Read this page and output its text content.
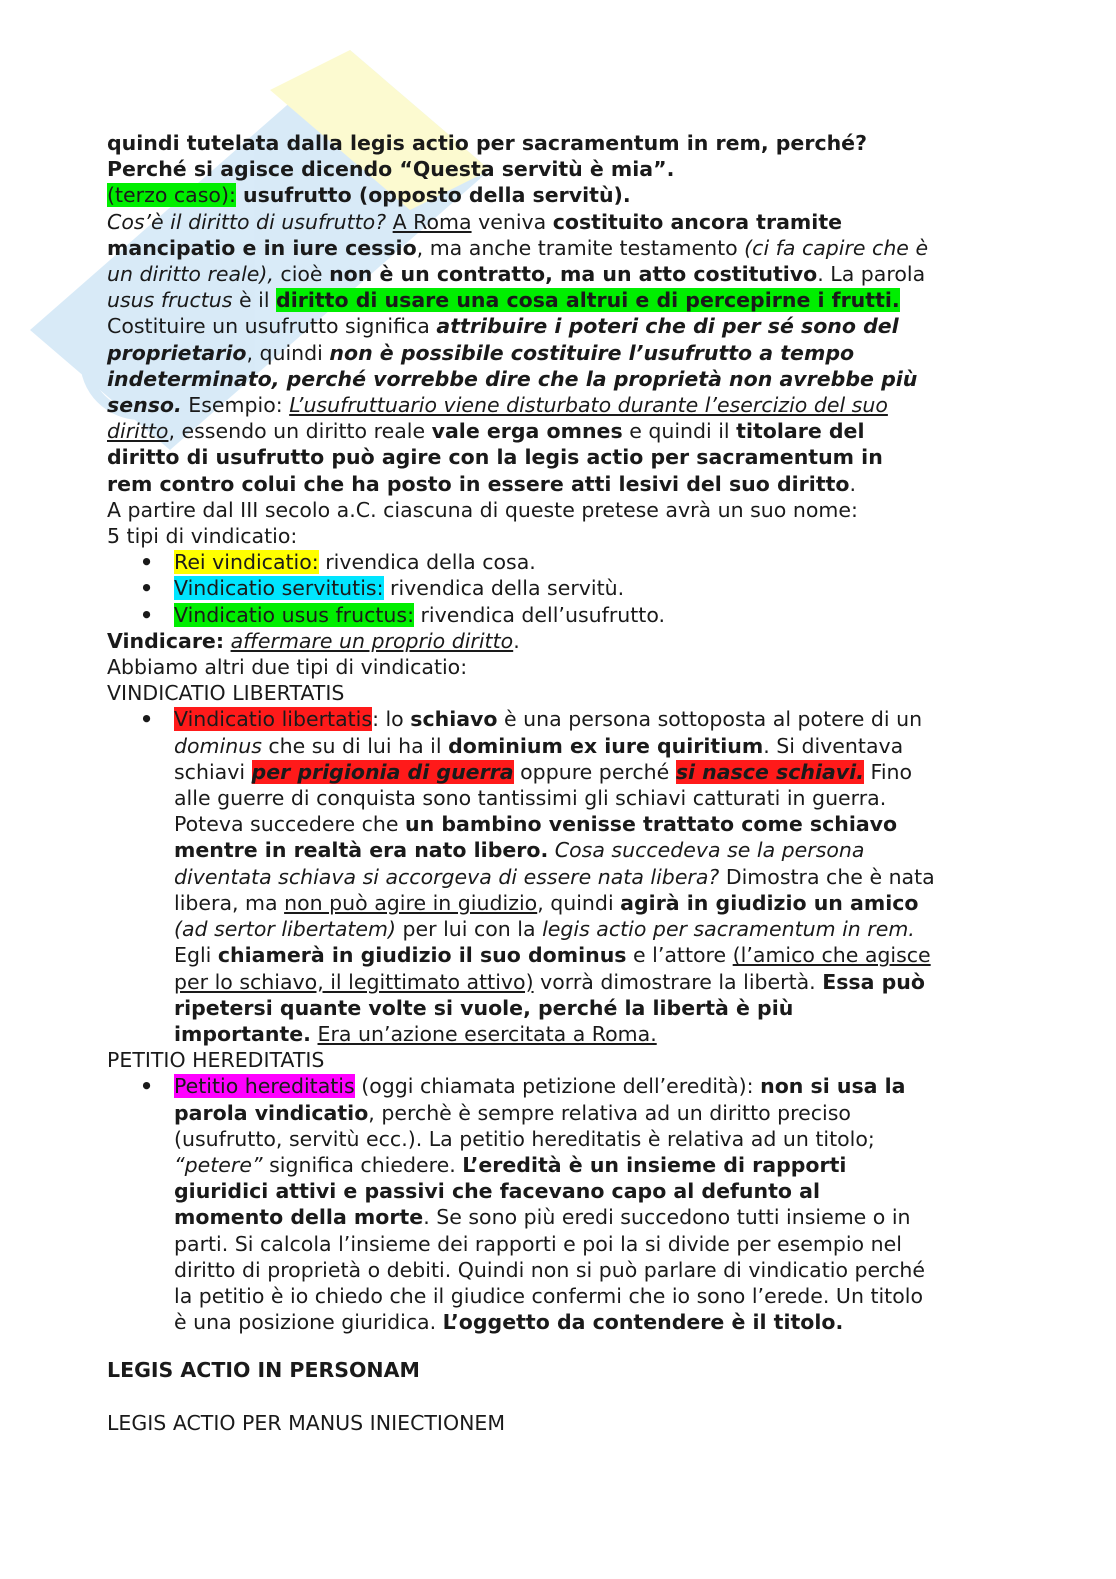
quindi tutelata dalla legis actio per sacramentum in rem, perché?
Perché si agisce dicendo “Questa servitù è mia”.
(terzo caso): usufrutto (opposto della servitù).
Cos’è il diritto di usufrutto? A Roma veniva costituito ancora tramite
mancipatio e in iure cessio, ma anche tramite testamento (ci fa capire che è
un diritto reale), cioè non è un contratto, ma un atto costitutivo. La parola
usus fructus è il diritto di usare una cosa altrui e di percepirne i frutti.
Costituire un usufrutto significa attribuire i poteri che di per sé sono del
proprietario, quindi non è possibile costituire l’usufrutto a tempo
indeterminato, perché vorrebbe dire che la proprietà non avrebbe più
senso. Esempio: L’usufruttuario viene disturbato durante l’esercizio del suo
diritto, essendo un diritto reale vale erga omnes e quindi il titolare del
diritto di usufrutto può agire con la legis actio per sacramentum in
rem contro colui che ha posto in essere atti lesivi del suo diritto.
A partire dal III secolo a.C. ciascuna di queste pretese avrà un suo nome:
5 tipi di vindicatio:
• Rei vindicatio: rivendica della cosa.
• Vindicatio servitutis: rivendica della servitù.
• Vindicatio usus fructus: rivendica dell’usufrutto.
Vindicare: affermare un proprio diritto.
Abbiamo altri due tipi di vindicatio:
VINDICATIO LIBERTATIS
• Vindicatio libertatis: lo schiavo è una persona sottoposta al potere di un
dominus che su di lui ha il dominium ex iure quiritium. Si diventava
schiavi per prigionia di guerra oppure perché si nasce schiavi. Fino
alle guerre di conquista sono tantissimi gli schiavi catturati in guerra.
Poteva succedere che un bambino venisse trattato come schiavo
mentre in realtà era nato libero. Cosa succedeva se la persona
diventata schiava si accorgeva di essere nata libera? Dimostra che è nata
libera, ma non può agire in giudizio, quindi agirà in giudizio un amico
(ad sertor libertatem) per lui con la legis actio per sacramentum in rem.
Egli chiamerà in giudizio il suo dominus e l’attore (l’amico che agisce
per lo schiavo, il legittimato attivo) vorrà dimostrare la libertà. Essa può
ripetersi quante volte si vuole, perché la libertà è più
importante. Era un’azione esercitata a Roma.
PETITIO HEREDITATIS
• Petitio hereditatis (oggi chiamata petizione dell’eredità): non si usa la
parola vindicatio, perchè è sempre relativa ad un diritto preciso
(usufrutto, servitù ecc.). La petitio hereditatis è relativa ad un titolo;
“petere” significa chiedere. L’eredità è un insieme di rapporti
giuridici attivi e passivi che facevano capo al defunto al
momento della morte. Se sono più eredi succedono tutti insieme o in
parti. Si calcola l’insieme dei rapporti e poi la si divide per esempio nel
diritto di proprietà o debiti. Quindi non si può parlare di vindicatio perché
la petitio è io chiedo che il giudice confermi che io sono l’erede. Un titolo
è una posizione giuridica. L’oggetto da contendere è il titolo.
LEGIS ACTIO IN PERSONAM
LEGIS ACTIO PER MANUS INIECTIONEM
